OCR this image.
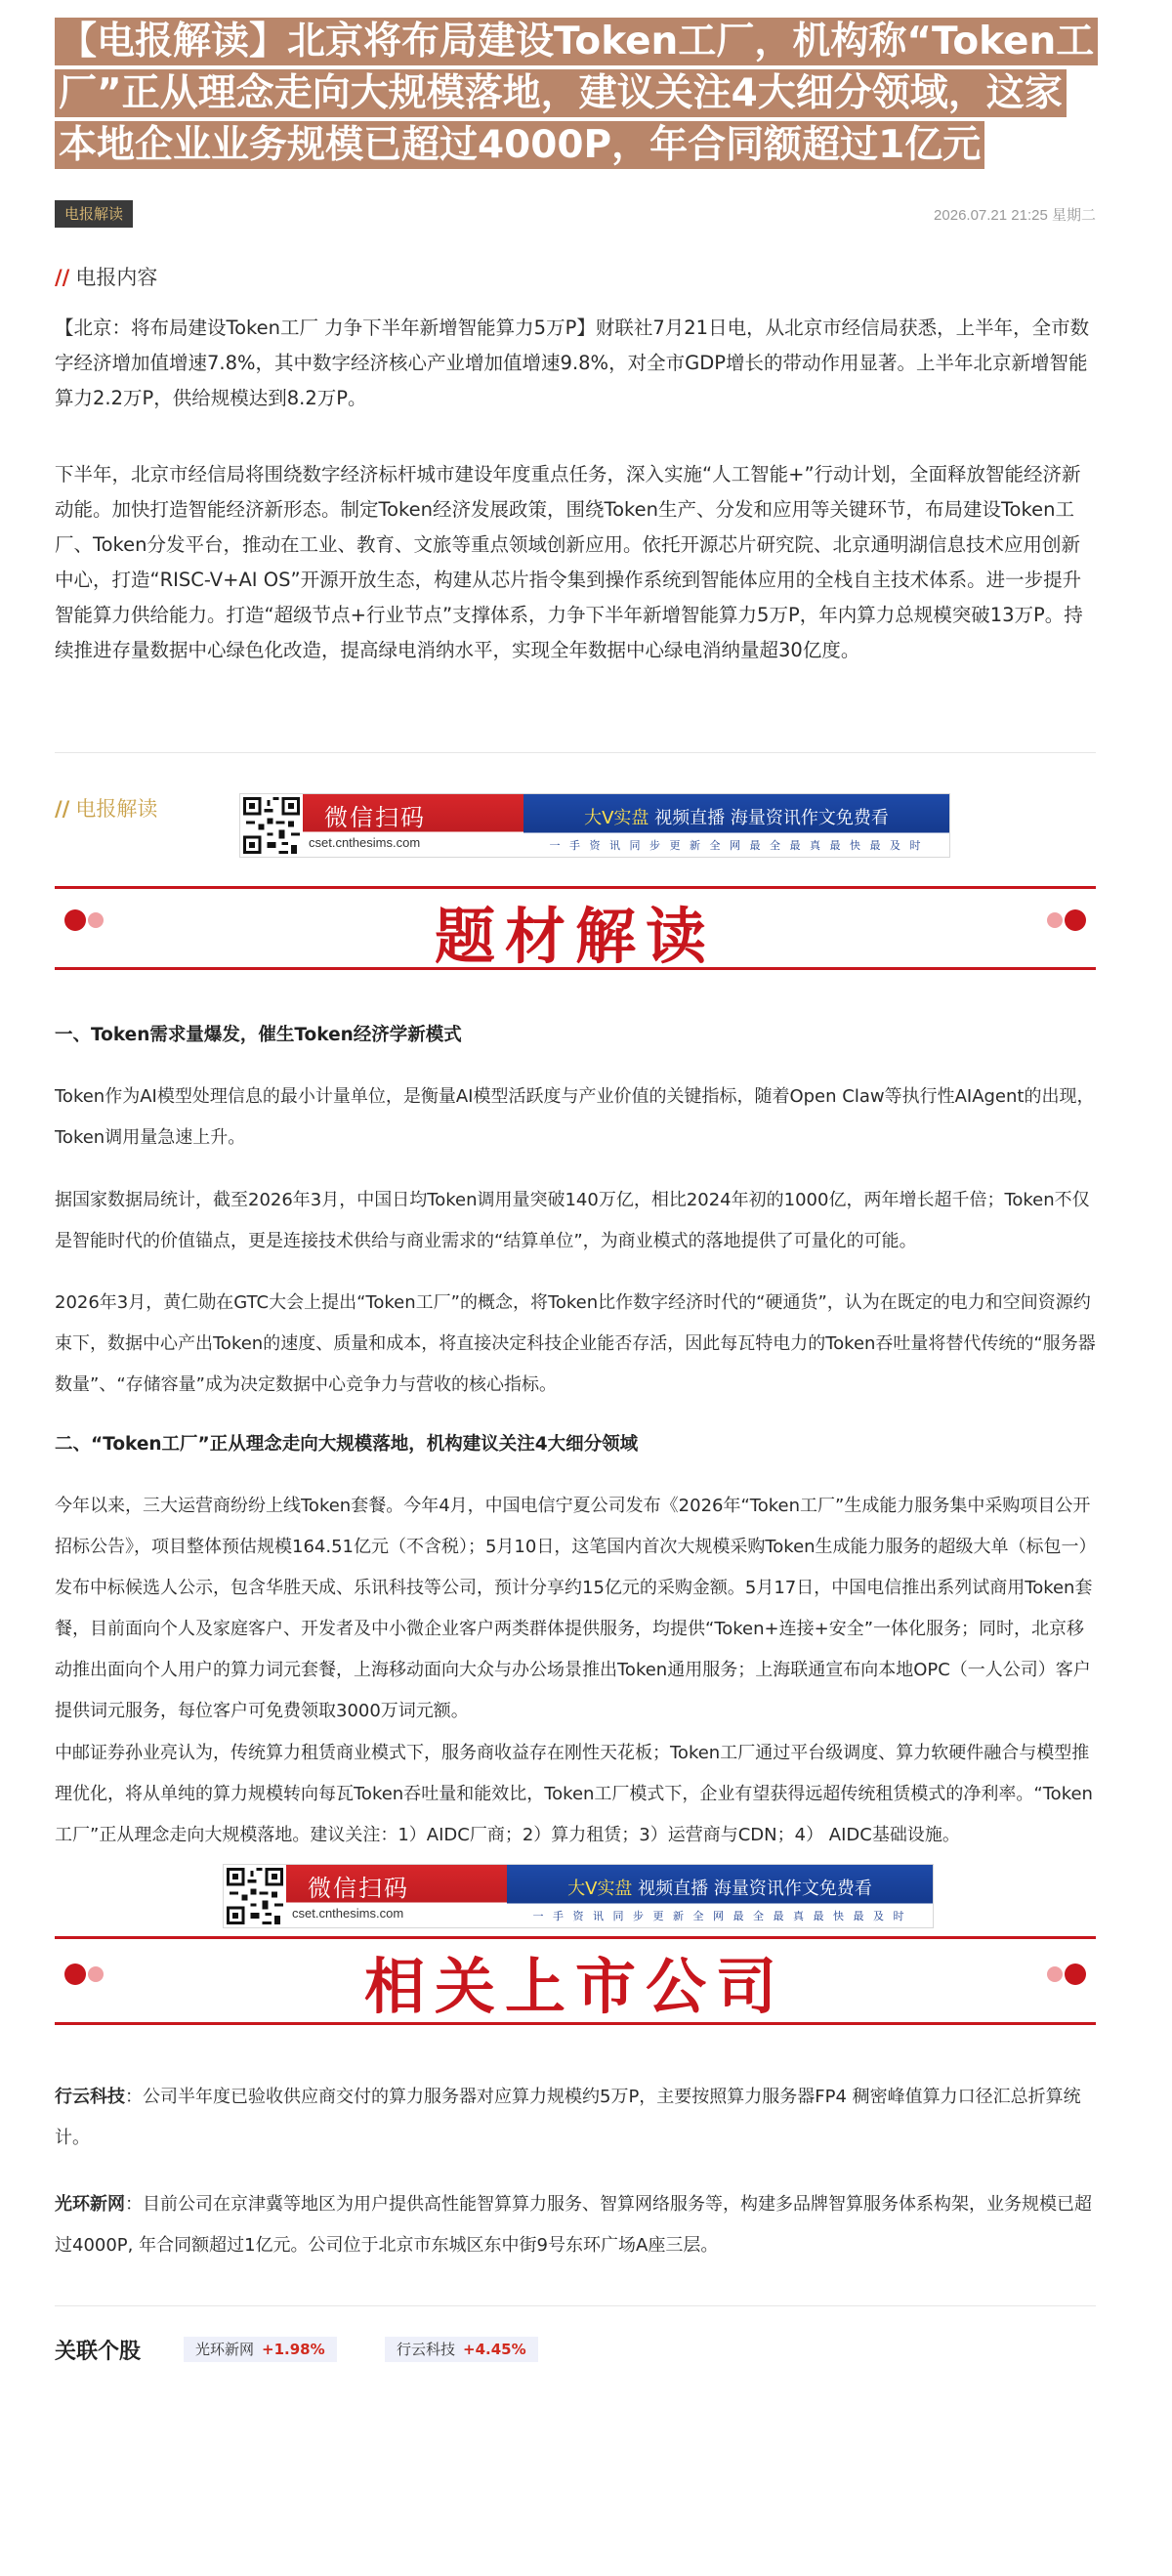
【电报解读】北京将布局建设Token工厂，机构称“Token工厂”正从理念走向大规模落地，建议关注4大细分领域，这家本地企业业务规模已超过4000P，年合同额超过1亿元
电报解读	2026.07.21 21:25 星期二
// 电报内容

【北京：将布局建设Token工厂 力争下半年新增智能算力5万P】财联社7月21日电，从北京市经信局获悉，上半年，全市数字经济增加值增速7.8%，其中数字经济核心产业增加值增速9.8%，对全市GDP增长的带动作用显著。上半年北京新增智能算力2.2万P，供给规模达到8.2万P。

下半年，北京市经信局将围绕数字经济标杆城市建设年度重点任务，深入实施“人工智能+”行动计划，全面释放智能经济新动能。加快打造智能经济新形态。制定Token经济发展政策，围绕Token生产、分发和应用等关键环节，布局建设Token工厂、Token分发平台，推动在工业、教育、文旅等重点领域创新应用。依托开源芯片研究院、北京通明湖信息技术应用创新中心，打造“RISC-V+AI OS”开源开放生态，构建从芯片指令集到操作系统到智能体应用的全栈自主技术体系。进一步提升智能算力供给能力。打造“超级节点+行业节点”支撑体系，力争下半年新增智能算力5万P，年内算力总规模突破13万P。持续推进存量数据中心绿色化改造，提高绿电消纳水平，实现全年数据中心绿电消纳量超30亿度。

// 电报解读	微信扫码
cset.cnthesims.com
大V实盘 视频直播 海量资讯作文免费看
一 手 资 讯 同 步 更 新 全 网 最 全 最 真 最 快 最 及 时
题材解读
一、Token需求量爆发，催生Token经济学新模式

Token作为AI模型处理信息的最小计量单位，是衡量AI模型活跃度与产业价值的关键指标，随着Open Claw等执行性AIAgent的出现，Token调用量急速上升。

据国家数据局统计，截至2026年3月，中国日均Token调用量突破140万亿，相比2024年初的1000亿，两年增长超千倍；Token不仅是智能时代的价值锚点，更是连接技术供给与商业需求的“结算单位”，为商业模式的落地提供了可量化的可能。

2026年3月，黄仁勋在GTC大会上提出“Token工厂”的概念，将Token比作数字经济时代的“硬通货”，认为在既定的电力和空间资源约束下，数据中心产出Token的速度、质量和成本，将直接决定科技企业能否存活，因此每瓦特电力的Token吞吐量将替代传统的“服务器数量”、“存储容量”成为决定数据中心竞争力与营收的核心指标。

二、“Token工厂”正从理念走向大规模落地，机构建议关注4大细分领域

今年以来，三大运营商纷纷上线Token套餐。今年4月，中国电信宁夏公司发布《2026年“Token工厂”生成能力服务集中采购项目公开招标公告》，项目整体预估规模164.51亿元（不含税）；5月10日，这笔国内首次大规模采购Token生成能力服务的超级大单（标包一）发布中标候选人公示，包含华胜天成、乐讯科技等公司，预计分享约15亿元的采购金额。5月17日，中国电信推出系列试商用Token套餐，目前面向个人及家庭客户、开发者及中小微企业客户两类群体提供服务，均提供“Token+连接+安全”一体化服务；同时，北京移动推出面向个人用户的算力词元套餐，上海移动面向大众与办公场景推出Token通用服务；上海联通宣布向本地OPC（一人公司）客户提供词元服务，每位客户可免费领取3000万词元额。

中邮证券孙业亮认为，传统算力租赁商业模式下，服务商收益存在刚性天花板；Token工厂通过平台级调度、算力软硬件融合与模型推理优化，将从单纯的算力规模转向每瓦Token吞吐量和能效比，Token工厂模式下，企业有望获得远超传统租赁模式的净利率。“Token工厂”正从理念走向大规模落地。建议关注：1）AIDC厂商；2）算力租赁；3）运营商与CDN；4） AIDC基础设施。

微信扫码
cset.cnthesims.com
大V实盘 视频直播 海量资讯作文免费看
一 手 资 讯 同 步 更 新 全 网 最 全 最 真 最 快 最 及 时
相关上市公司

行云科技：公司半年度已验收供应商交付的算力服务器对应算力规模约5万P，主要按照算力服务器FP4 稠密峰值算力口径汇总折算统计。

光环新网：目前公司在京津冀等地区为用户提供高性能智算算力服务、智算网络服务等，构建多品牌智算服务体系构架，业务规模已超过4000P, 年合同额超过1亿元。公司位于北京市东城区东中街9号东环广场A座三层。

关联个股	光环新网 +1.98%	行云科技 +4.45%
